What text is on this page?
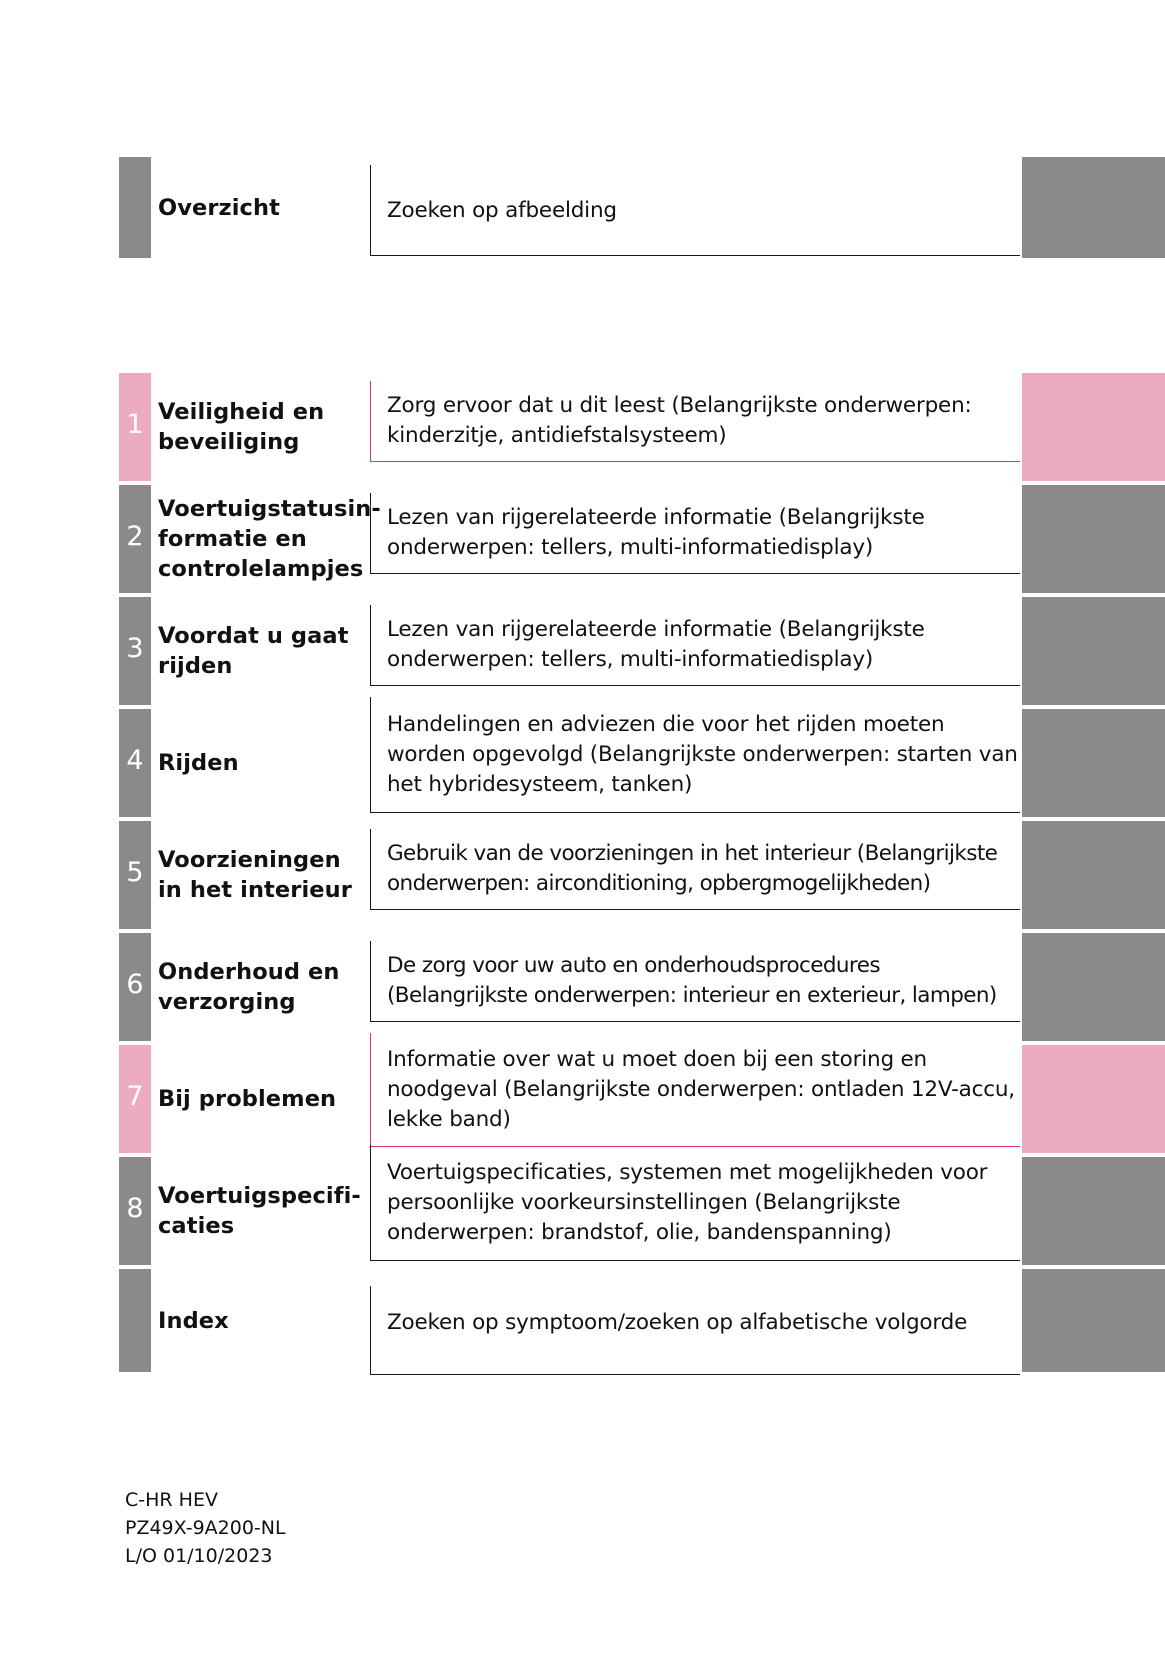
Overzicht	Zoeken op afbeelding
1 Veiligheid en beveiliging
Zorg ervoor dat u dit leest (Belangrijkste onderwerpen: kinderzitje, antidiefstalsysteem)
2
Voertuigstatusin-formatie en controlelampjes
Lezen van rijgerelateerde informatie (Belangrijkste onderwerpen: tellers, multi-informatiedisplay)
3 Voordat u gaat rijden
Lezen van rijgerelateerde informatie (Belangrijkste onderwerpen: tellers, multi-informatiedisplay)
4 Rijden
Handelingen en adviezen die voor het rijden moeten worden opgevolgd (Belangrijkste onderwerpen: starten van het hybridesysteem, tanken)
5 Voorzieningen in het interieur
Gebruik van de voorzieningen in het interieur (Belangrijkste onderwerpen: airconditioning, opbergmogelijkheden)
6 Onderhoud en verzorging
De zorg voor uw auto en onderhoudsprocedures (Belangrijkste onderwerpen: interieur en exterieur, lampen)
7 Bij problemen
Informatie over wat u moet doen bij een storing en noodgeval (Belangrijkste onderwerpen: ontladen 12V-accu, lekke band)
8 Voertuigspecifi-caties
Voertuigspecificaties, systemen met mogelijkheden voor persoonlijke voorkeursinstellingen (Belangrijkste onderwerpen: brandstof, olie, bandenspanning)
Index	Zoeken op symptoom/zoeken op alfabetische volgorde
C-HR HEV
PZ49X-9A200-NL
L/O 01/10/2023
